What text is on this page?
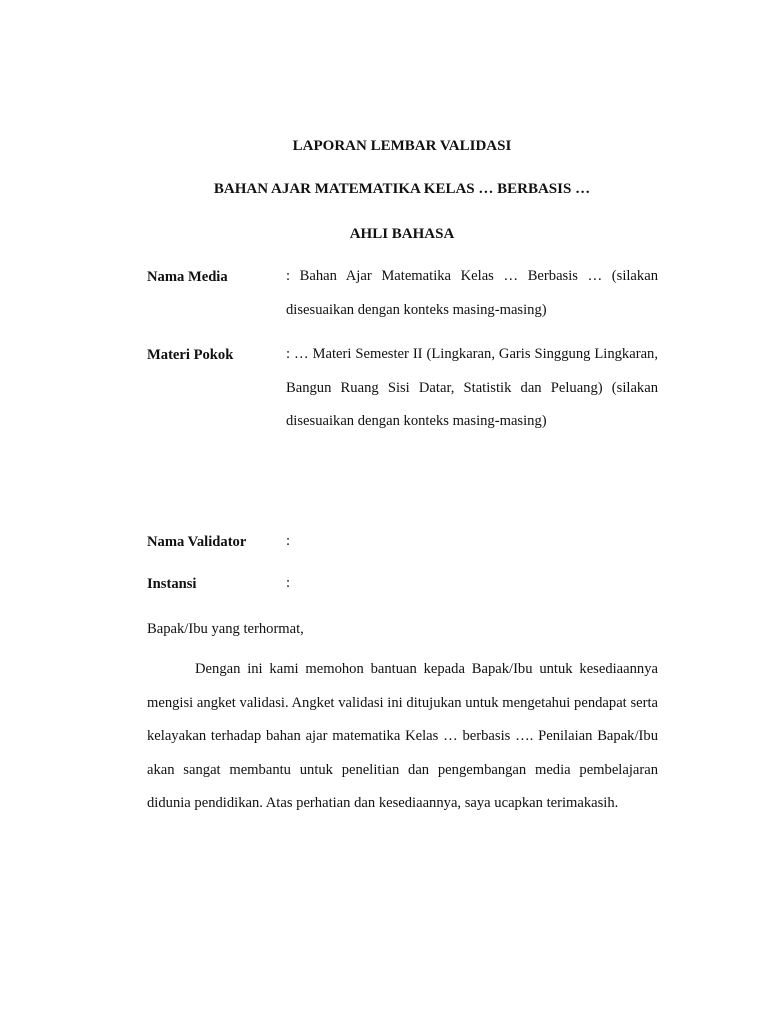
LAPORAN LEMBAR VALIDASI
BAHAN AJAR MATEMATIKA KELAS … BERBASIS …
AHLI BAHASA
Nama Media	: Bahan Ajar Matematika Kelas … Berbasis … (silakan disesuaikan dengan konteks masing-masing)
Materi Pokok	: … Materi Semester II (Lingkaran, Garis Singgung Lingkaran, Bangun Ruang Sisi Datar, Statistik dan Peluang) (silakan disesuaikan dengan konteks masing-masing)
Nama Validator	:
Instansi	:

Bapak/Ibu yang terhormat,

Dengan ini kami memohon bantuan kepada Bapak/Ibu untuk kesediaannya mengisi angket validasi. Angket validasi ini ditujukan untuk mengetahui pendapat serta kelayakan terhadap bahan ajar matematika Kelas … berbasis …. Penilaian Bapak/Ibu akan sangat membantu untuk penelitian dan pengembangan media pembelajaran didunia pendidikan. Atas perhatian dan kesediaannya, saya ucapkan terimakasih.
